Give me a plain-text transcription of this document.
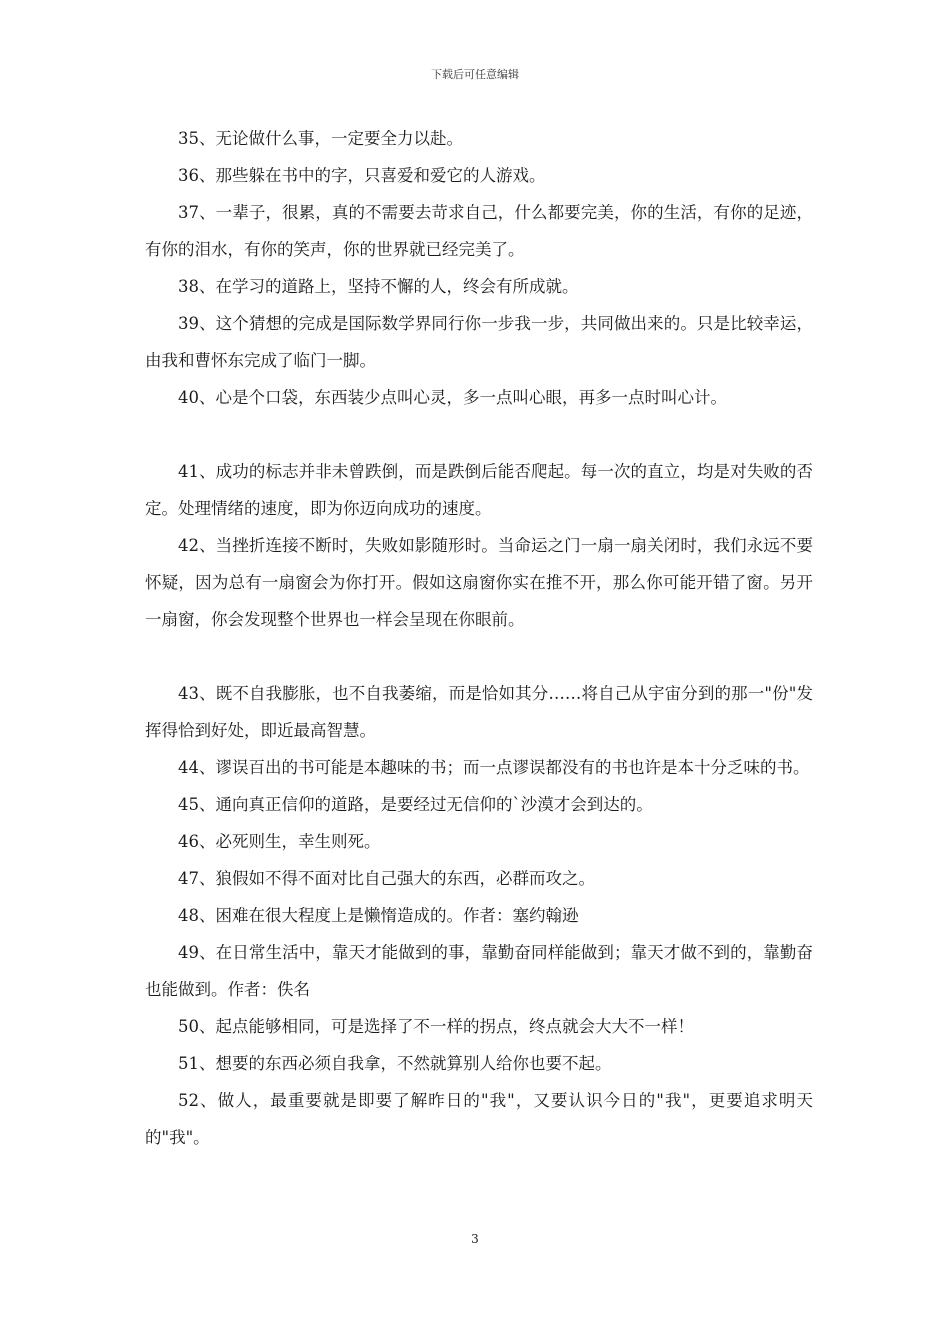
下载后可任意编辑

35、无论做什么事，一定要全力以赴。

36、那些躲在书中的字，只喜爱和爱它的人游戏。

37、一辈子，很累，真的不需要去苛求自己，什么都要完美，你的生活，有你的足迹，有你的泪水，有你的笑声，你的世界就已经完美了。

38、在学习的道路上，坚持不懈的人，终会有所成就。

39、这个猜想的完成是国际数学界同行你一步我一步，共同做出来的。只是比较幸运，由我和曹怀东完成了临门一脚。

40、心是个口袋，东西装少点叫心灵，多一点叫心眼，再多一点时叫心计。

41、成功的标志并非未曾跌倒，而是跌倒后能否爬起。每一次的直立，均是对失败的否定。处理情绪的速度，即为你迈向成功的速度。

42、当挫折连接不断时，失败如影随形时。当命运之门一扇一扇关闭时，我们永远不要怀疑，因为总有一扇窗会为你打开。假如这扇窗你实在推不开，那么你可能开错了窗。另开一扇窗，你会发现整个世界也一样会呈现在你眼前。

43、既不自我膨胀，也不自我萎缩，而是恰如其分……将自己从宇宙分到的那一"份"发挥得恰到好处，即近最高智慧。

44、谬误百出的书可能是本趣味的书；而一点谬误都没有的书也许是本十分乏味的书。

45、通向真正信仰的道路，是要经过无信仰的`沙漠才会到达的。

46、必死则生，幸生则死。

47、狼假如不得不面对比自己强大的东西，必群而攻之。

48、困难在很大程度上是懒惰造成的。作者：塞约翰逊

49、在日常生活中，靠天才能做到的事，靠勤奋同样能做到；靠天才做不到的，靠勤奋也能做到。作者：佚名

50、起点能够相同，可是选择了不一样的拐点，终点就会大大不一样！

51、想要的东西必须自我拿，不然就算别人给你也要不起。

52、做人，最重要就是即要了解昨日的"我"，又要认识今日的"我"，更要追求明天的"我"。

3
